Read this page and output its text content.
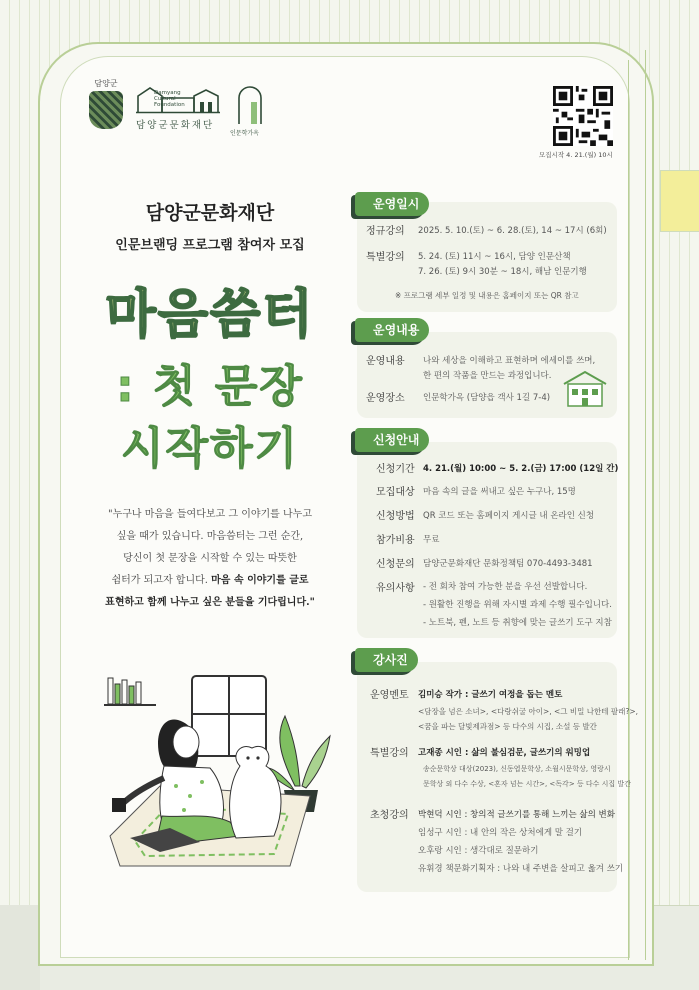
담양군
Damyang
Cultural
Foundation
담양군문화재단
인문학가옥
모집시작 4. 21.(월) 10시
담양군문화재단
인문브랜딩 프로그램 참여자 모집
마음씀터
: 첫 문장
시작하기
"누구나 마음을 들여다보고 그 이야기를 나누고
싶을 때가 있습니다. 마음씀터는 그런 순간,
당신이 첫 문장을 시작할 수 있는 따뜻한
쉼터가 되고자 합니다. 마음 속 이야기를 글로
표현하고 함께 나누고 싶은 분들을 기다립니다."
운영일시
정규강의 2025. 5. 10.(토) ~ 6. 28.(토), 14 ~ 17시 (6회)
특별강의 5. 24. (토) 11시 ~ 16시, 담양 인문산책
7. 26. (토) 9시 30분 ~ 18시, 해남 인문기행
※ 프로그램 세부 일정 및 내용은 홈페이지 또는 QR 참고
운영내용
운영내용 나와 세상을 이해하고 표현하며 에세이를 쓰며,
한 편의 작품을 만드는 과정입니다.
운영장소 인문학가옥 (담양읍 객사 1길 7-4)
신청안내
신청기간 4. 21.(월) 10:00 ~ 5. 2.(금) 17:00 (12일 간)
모집대상 마음 속의 글을 써내고 싶은 누구나, 15명
신청방법 QR 코드 또는 홈페이지 게시글 내 온라인 신청
참가비용 무료
신청문의 담양군문화재단 문화정책팀 070-4493-3481
유의사항 - 전 회차 참여 가능한 분을 우선 선발합니다.
- 원활한 진행을 위해 자시별 과제 수행 필수입니다.
- 노트북, 펜, 노트 등 취향에 맞는 글쓰기 도구 지참
강사진
운영멘토 김미승 작가 : 글쓰기 여정을 돕는 멘토
<담장을 넘은 소녀>, <다랑쉬굴 아이>, <그 비밀 나한테 팔래?>,
<꿈을 파는 달빛제과점> 등 다수의 시집, 소설 등 발간
특별강의 고재종 시인 : 삶의 불심검문, 글쓰기의 워밍업
송순문학상 대상(2023), 신동엽문학상, 소월시문학상, 영랑시
문학상 외 다수 수상, <혼자 넘는 시간>, <독각> 등 다수 시집 발간
초청강의 박현덕 시인 : 창의적 글쓰기를 통해 느끼는 삶의 변화
임성구 시인 : 내 안의 작은 상처에게 말 걸기
오후랑 시인 : 생각대로 질문하기
유휘경 책문화기획자 : 나와 내 주변을 살피고 옮겨 쓰기
